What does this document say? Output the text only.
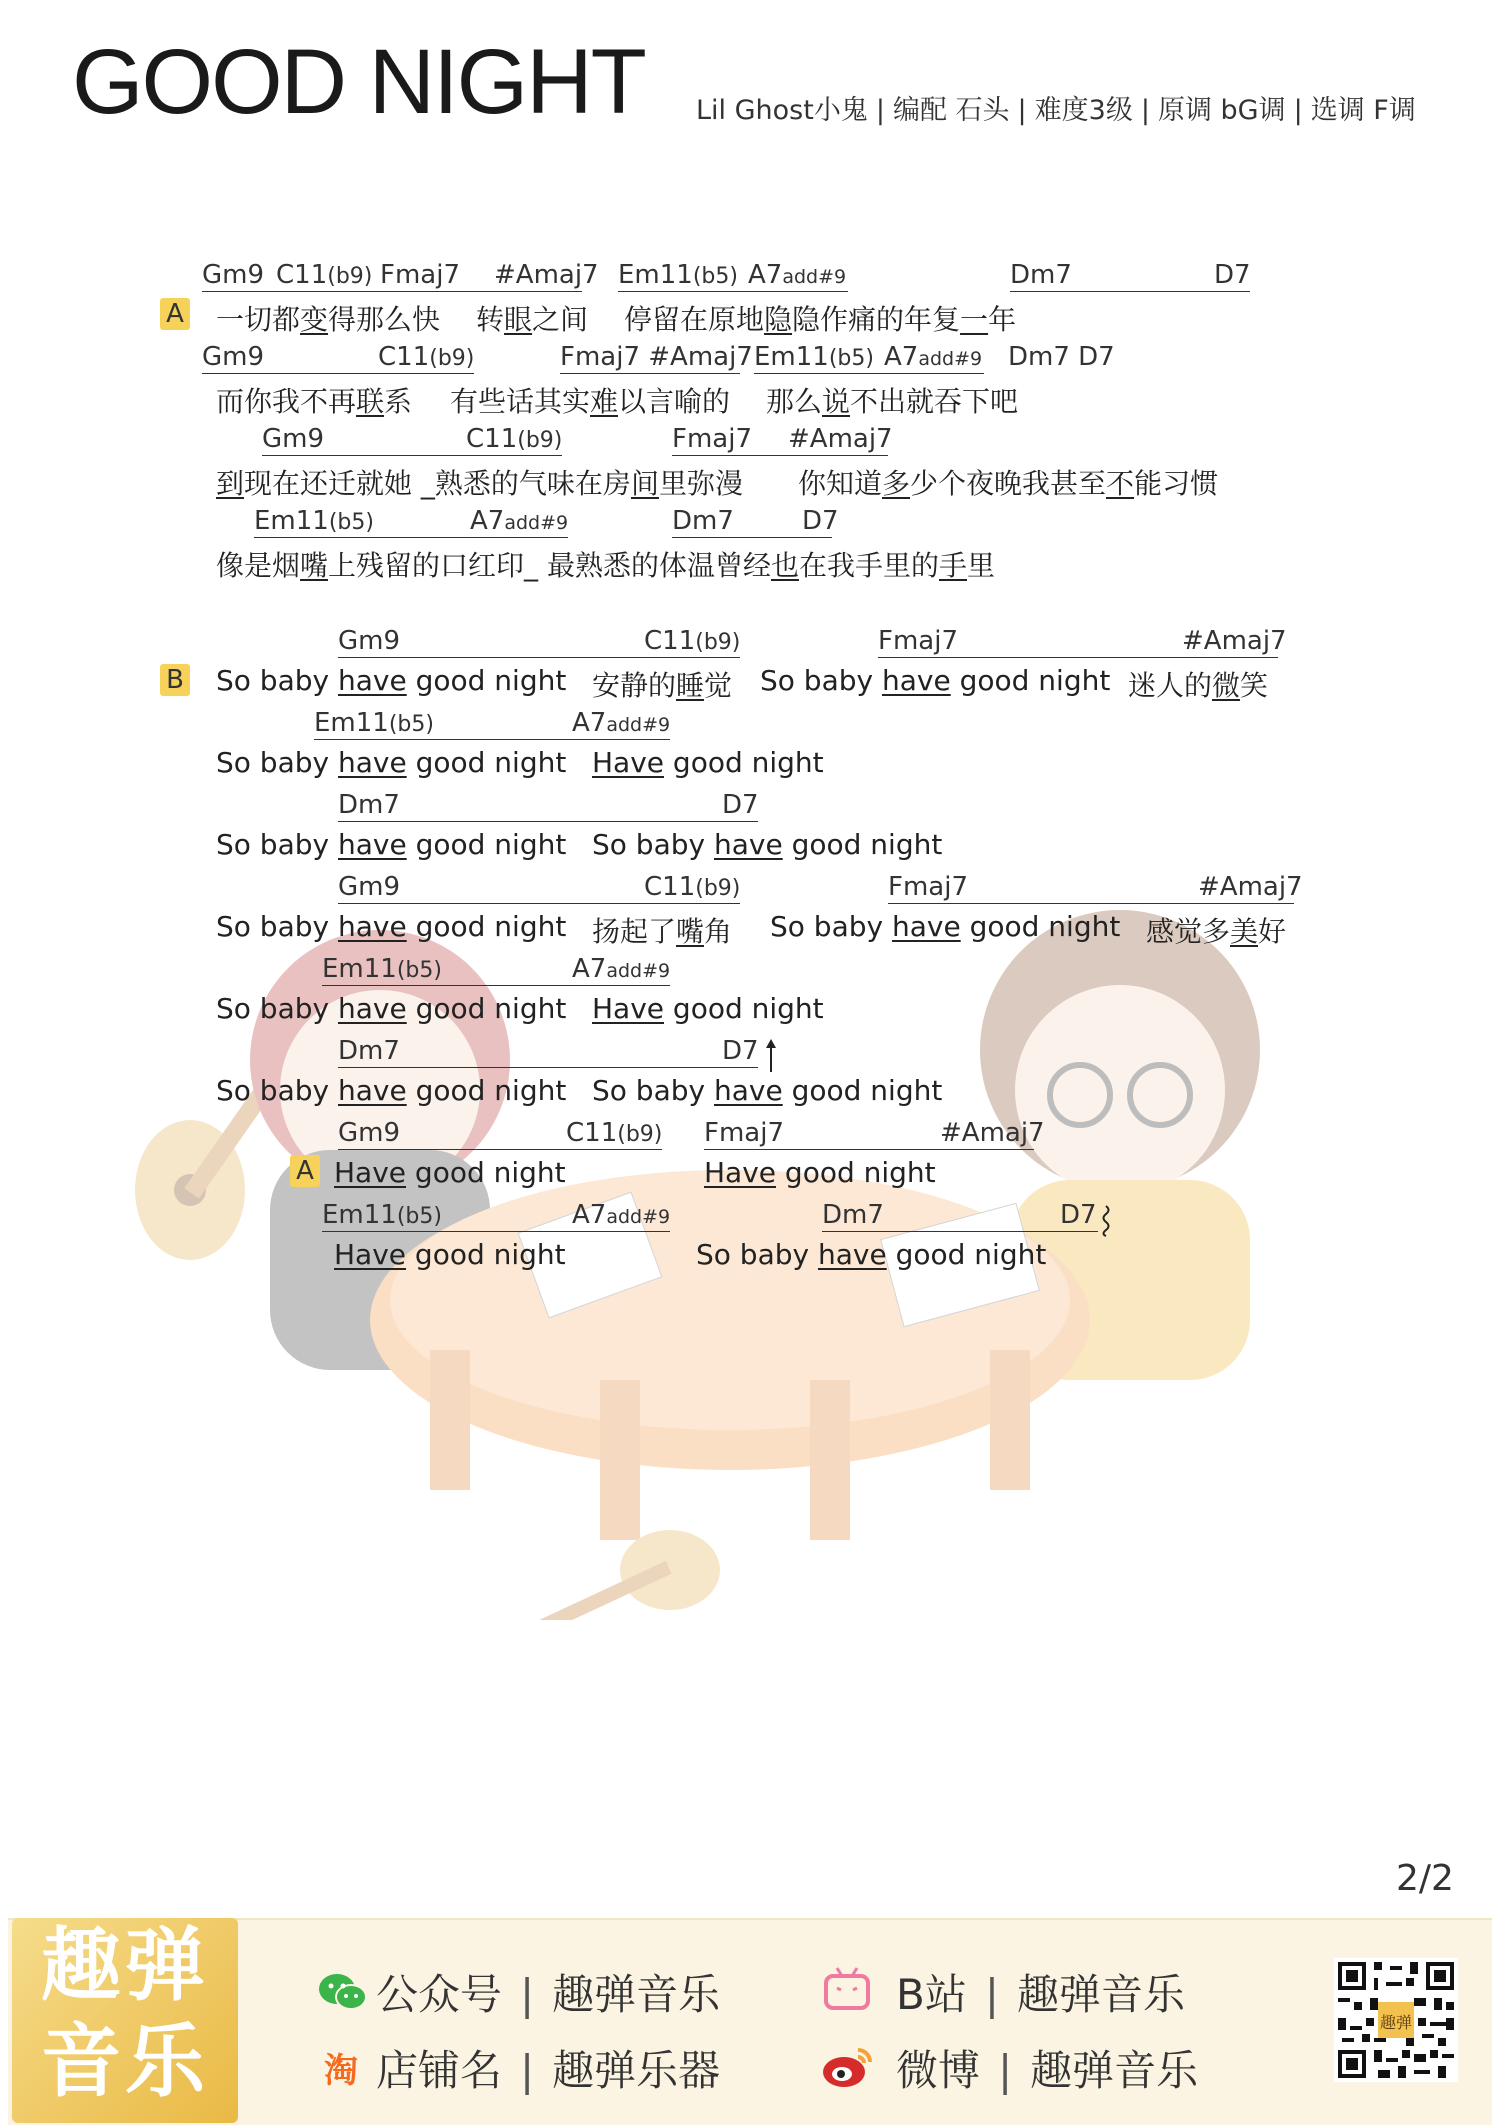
GOOD NIGHT Lil Ghost小鬼 | 编配 石头 | 难度3级 | 原调 bG调 | 选调 F调
A
Gm9 C11(b9) Fmaj7 #Amaj7 Em11(b5) A7add#9	Dm7	D7
一切都变得那么快 转眼之间 停留在原地隐隐作痛的年复一年
Gm9	C11(b9)	Fmaj7 #Amaj7 Em11(b5) A7add#9 Dm7 D7
而你我不再联系 有些话其实难以言喻的 那么说不出就吞下吧
Gm9	C11(b9)	Fmaj7 #Amaj7
到现在还迁就她 _熟悉的气味在房间里弥漫 你知道多少个夜晚我甚至不能习惯
Em11(b5)	A7add#9	Dm7	D7
像是烟嘴上残留的口红印_ 最熟悉的体温曾经也在我手里的手里
B
Gm9	C11(b9)	Fmaj7	#Amaj7
So baby have good night 安静的睡觉 So baby have good night 迷人的微笑
Em11(b5)	A7add#9
So baby have good night Have good night
Dm7	D7
So baby have good night So baby have good night
Gm9	C11(b9)	Fmaj7	#Amaj7
So baby have good night 扬起了嘴角 So baby have good night 感觉多美好
Em11(b5)	A7add#9
So baby have good night Have good night
Dm7	D7
So baby have good night So baby have good night
A
Gm9	C11(b9) Fmaj7	#Amaj7
Have good night	Have good night
Em11(b5)	A7add#9	Dm7	D7
Have good night	So baby have good night
2/2
趣弹
音乐
公众号 | 趣弹音乐
淘 店铺名 | 趣弹乐器
B站 | 趣弹音乐
微博 | 趣弹音乐
趣弹
